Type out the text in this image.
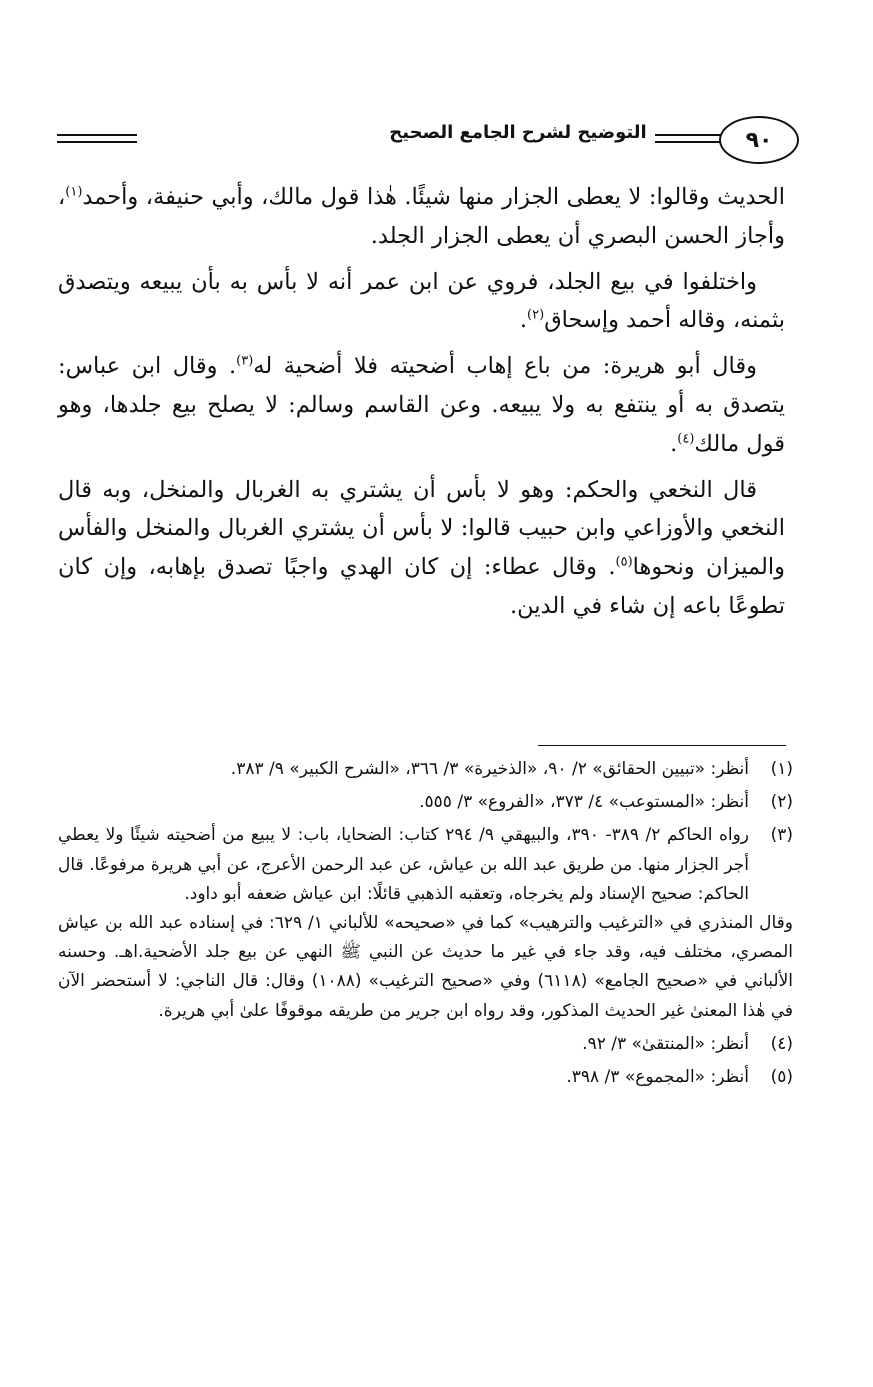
التوضيح لشرح الجامع الصحيح	٩٠

الحديث وقالوا: لا يعطى الجزار منها شيئًا. هٰذا قول مالك، وأبي حنيفة، وأحمد$^{(١)}$، وأجاز الحسن البصري أن يعطى الجزار الجلد.

واختلفوا في بيع الجلد، فروي عن ابن عمر أنه لا بأس به بأن يبيعه ويتصدق بثمنه، وقاله أحمد وإسحاق$^{(٢)}$.

وقال أبو هريرة: من باع إهاب أضحيته فلا أضحية له$^{(٣)}$. وقال ابن عباس: يتصدق به أو ينتفع به ولا يبيعه. وعن القاسم وسالم: لا يصلح بيع جلدها، وهو قول مالك$^{(٤)}$.

قال النخعي والحكم: وهو لا بأس أن يشتري به الغربال والمنخل، وبه قال النخعي والأوزاعي وابن حبيب قالوا: لا بأس أن يشتري الغربال والمنخل والفأس والميزان ونحوها$^{(٥)}$. وقال عطاء: إن كان الهدي واجبًا تصدق بإهابه، وإن كان تطوعًا باعه إن شاء في الدين.

(١)

أنظر: «تبيين الحقائق» ٢/ ٩٠، «الذخيرة» ٣/ ٣٦٦، «الشرح الكبير» ٩/ ٣٨٣.

(٢)

أنظر: «المستوعب» ٤/ ٣٧٣، «الفروع» ٣/ ٥٥٥.

(٣)

رواه الحاكم ٢/ ٣٨٩- ٣٩٠، والبيهقي ٩/ ٢٩٤ كتاب: الضحايا، باب: لا يبيع من أضحيته شيئًا ولا يعطي أجر الجزار منها. من طريق عبد الله بن عياش، عن عبد الرحمن الأعرج، عن أبي هريرة مرفوعًا. قال الحاكم: صحيح الإسناد ولم يخرجاه، وتعقبه الذهبي قائلًا: ابن عياش ضعفه أبو داود.

وقال المنذري في «الترغيب والترهيب» كما في «صحيحه» للألباني ١/ ٦٢٩: في إسناده عبد الله بن عياش المصري، مختلف فيه، وقد جاء في غير ما حديث عن النبي ﷺ النهي عن بيع جلد الأضحية.اهـ. وحسنه الألباني في «صحيح الجامع» (٦١١٨) وفي «صحيح الترغيب» (١٠٨٨) وقال: قال الناجي: لا أستحضر الآن في هٰذا المعنىٰ غير الحديث المذكور، وقد رواه ابن جرير من طريقه موقوفًا علىٰ أبي هريرة.

(٤)

أنظر: «المنتقىٰ» ٣/ ٩٢.

(٥)

أنظر: «المجموع» ٣/ ٣٩٨.
